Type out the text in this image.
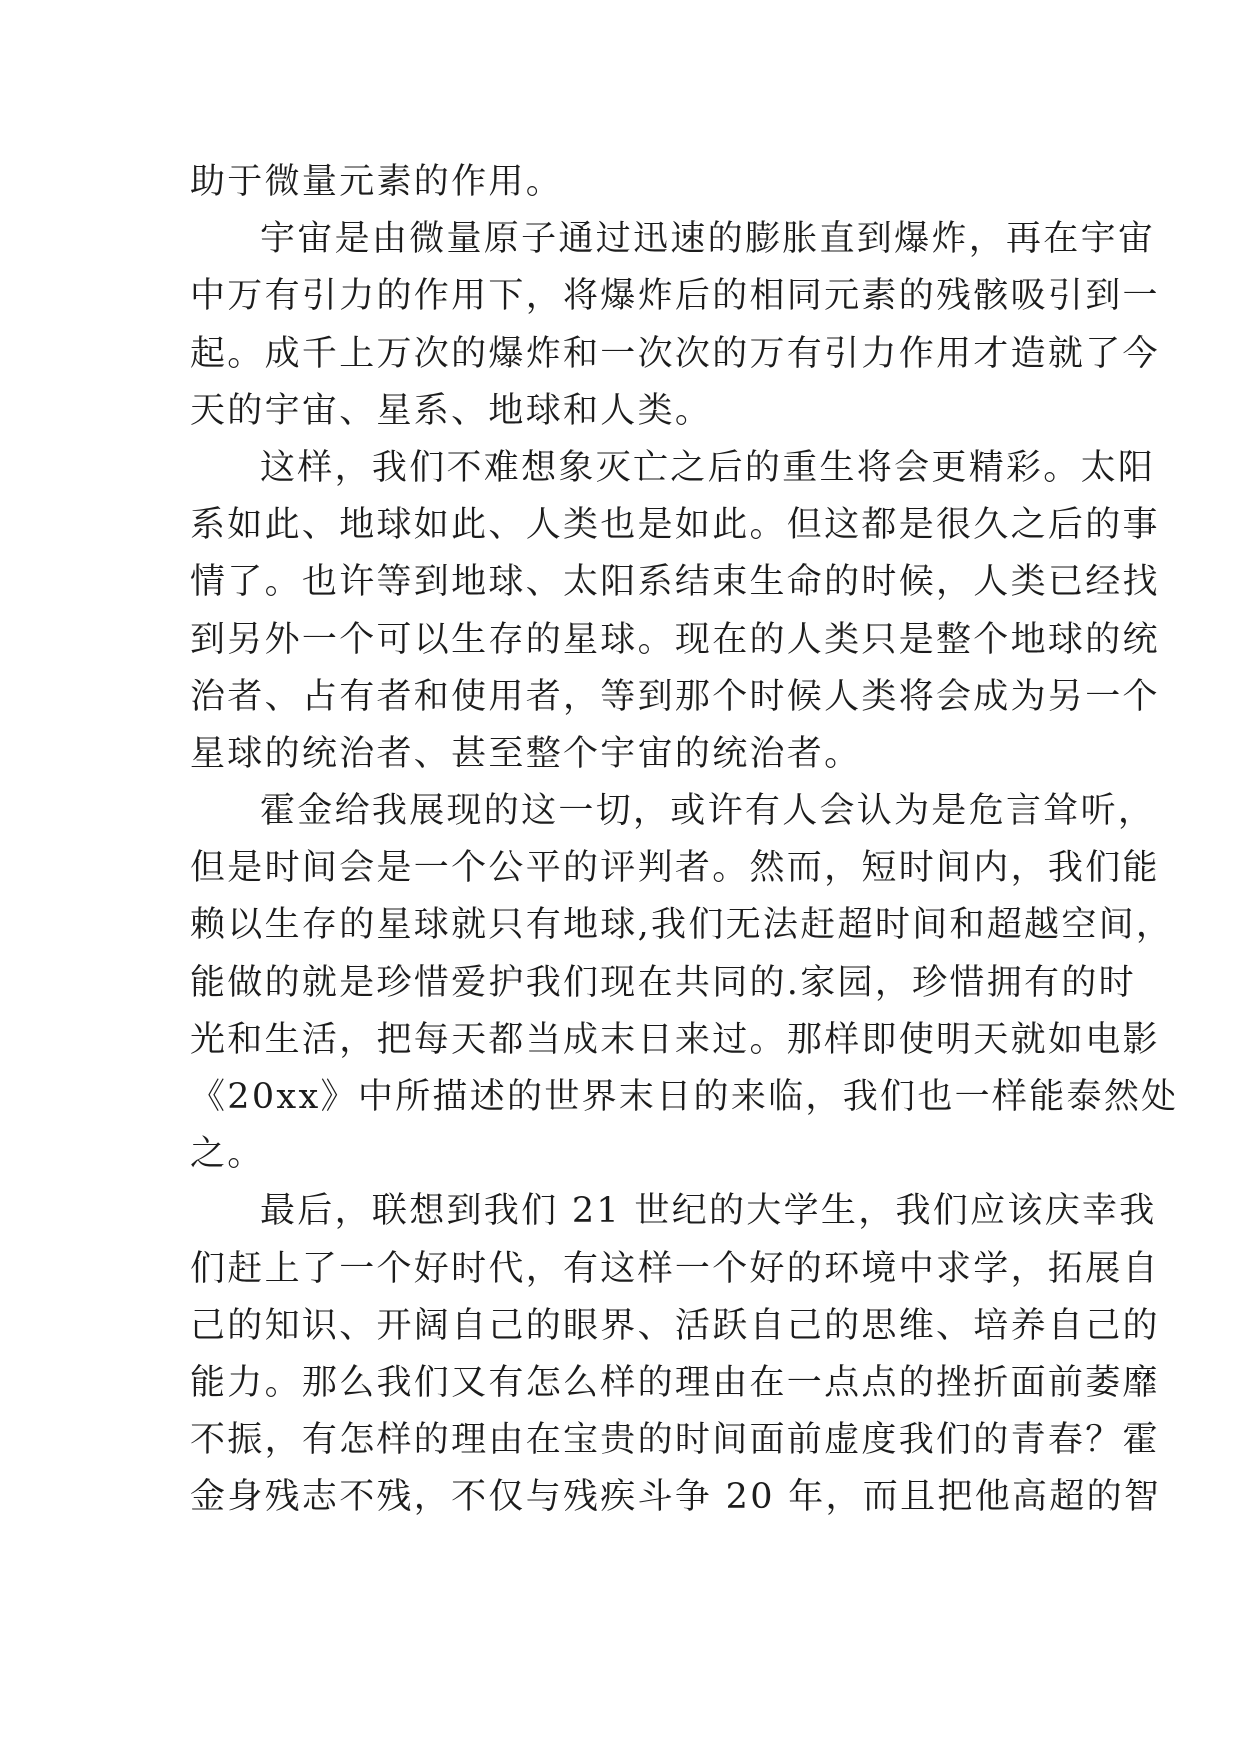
助于微量元素的作用。
宇宙是由微量原子通过迅速的膨胀直到爆炸，再在宇宙
中万有引力的作用下，将爆炸后的相同元素的残骸吸引到一
起。成千上万次的爆炸和一次次的万有引力作用才造就了今
天的宇宙、星系、地球和人类。
这样，我们不难想象灭亡之后的重生将会更精彩。太阳
系如此、地球如此、人类也是如此。但这都是很久之后的事
情了。也许等到地球、太阳系结束生命的时候，人类已经找
到另外一个可以生存的星球。现在的人类只是整个地球的统
治者、占有者和使用者，等到那个时候人类将会成为另一个
星球的统治者、甚至整个宇宙的统治者。
霍金给我展现的这一切，或许有人会认为是危言耸听，
但是时间会是一个公平的评判者。然而，短时间内，我们能
赖以生存的星球就只有地球,我们无法赶超时间和超越空间，
能做的就是珍惜爱护我们现在共同的.家园，珍惜拥有的时
光和生活，把每天都当成末日来过。那样即使明天就如电影
《20xx》中所描述的世界末日的来临，我们也一样能泰然处
之。
最后，联想到我们 21 世纪的大学生，我们应该庆幸我
们赶上了一个好时代，有这样一个好的环境中求学，拓展自
己的知识、开阔自己的眼界、活跃自己的思维、培养自己的
能力。那么我们又有怎么样的理由在一点点的挫折面前萎靡
不振，有怎样的理由在宝贵的时间面前虚度我们的青春？霍
金身残志不残，不仅与残疾斗争 20 年，而且把他高超的智
